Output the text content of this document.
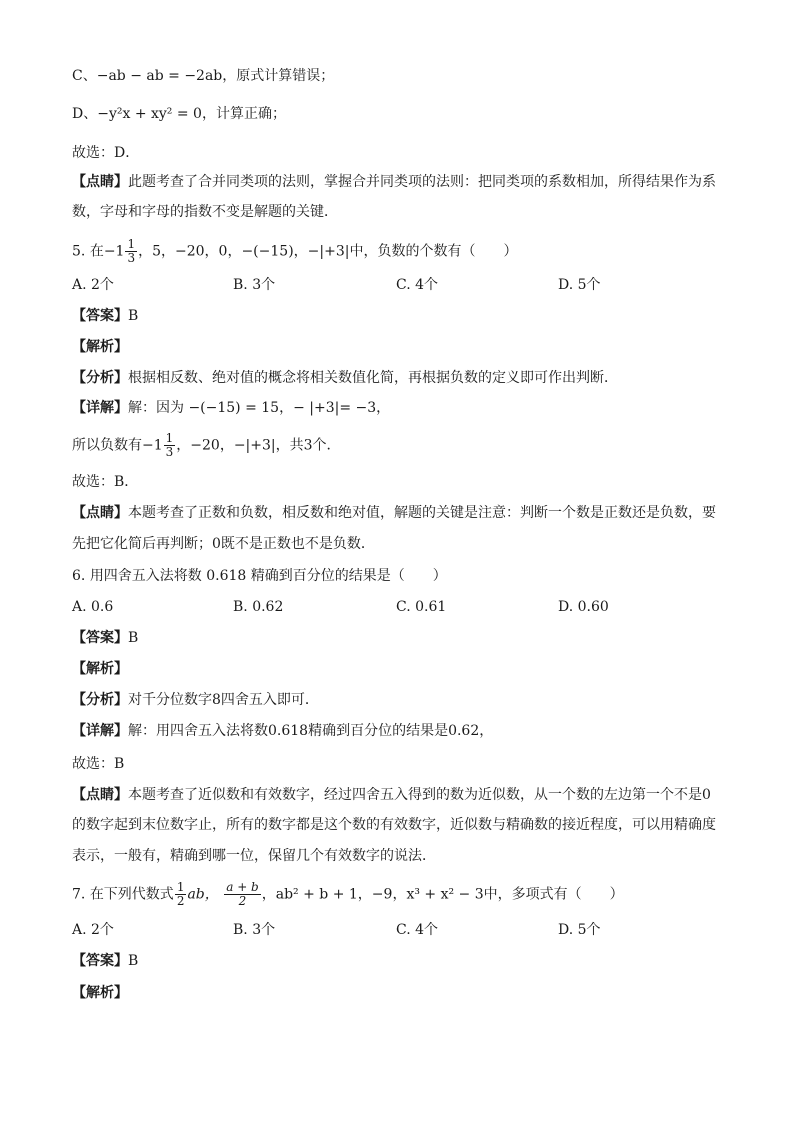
C、−ab − ab = −2ab，原式计算错误；
D、−y²x + xy² = 0，计算正确；
故选：D．
【点睛】此题考查了合并同类项的法则，掌握合并同类项的法则：把同类项的系数相加，所得结果作为系
数，字母和字母的指数不变是解题的关键．
5. 在$-1 \frac{1}{3}$ ，5，−20，0，−(−15)，−|+3|中，负数的个数有（　　）
A. 2个	B. 3个	C. 4个	D. 5个
【答案】B
【解析】
【分析】根据相反数、绝对值的概念将相关数值化简，再根据负数的定义即可作出判断．
【详解】解：因为 −(−15) = 15，− |+3|= −3，
所以负数有$-1 \frac{1}{3}$ ，−20，−|+3|，共3个．
故选：B．
【点睛】本题考查了正数和负数，相反数和绝对值，解题的关键是注意：判断一个数是正数还是负数，要
先把它化简后再判断；0既不是正数也不是负数．
6. 用四舍五入法将数 0.618 精确到百分位的结果是（　　）
A. 0.6	B. 0.62	C. 0.61	D. 0.60
【答案】B
【解析】
【分析】对千分位数字8四舍五入即可．
【详解】解：用四舍五入法将数0.618精确到百分位的结果是0.62，
故选：B
【点睛】本题考查了近似数和有效数字，经过四舍五入得到的数为近似数，从一个数的左边第一个不是0
的数字起到末位数字止，所有的数字都是这个数的有效数字，近似数与精确数的接近程度，可以用精确度
表示，一般有，精确到哪一位，保留几个有效数字的说法．
7. 在下列代数式 $\frac{1}{2}$ ab， $\frac{a + b}{2}$ ，ab² + b + 1，−9，x³ + x² − 3中，多项式有（　　）
A. 2个	B. 3个	C. 4个	D. 5个
【答案】B
【解析】
